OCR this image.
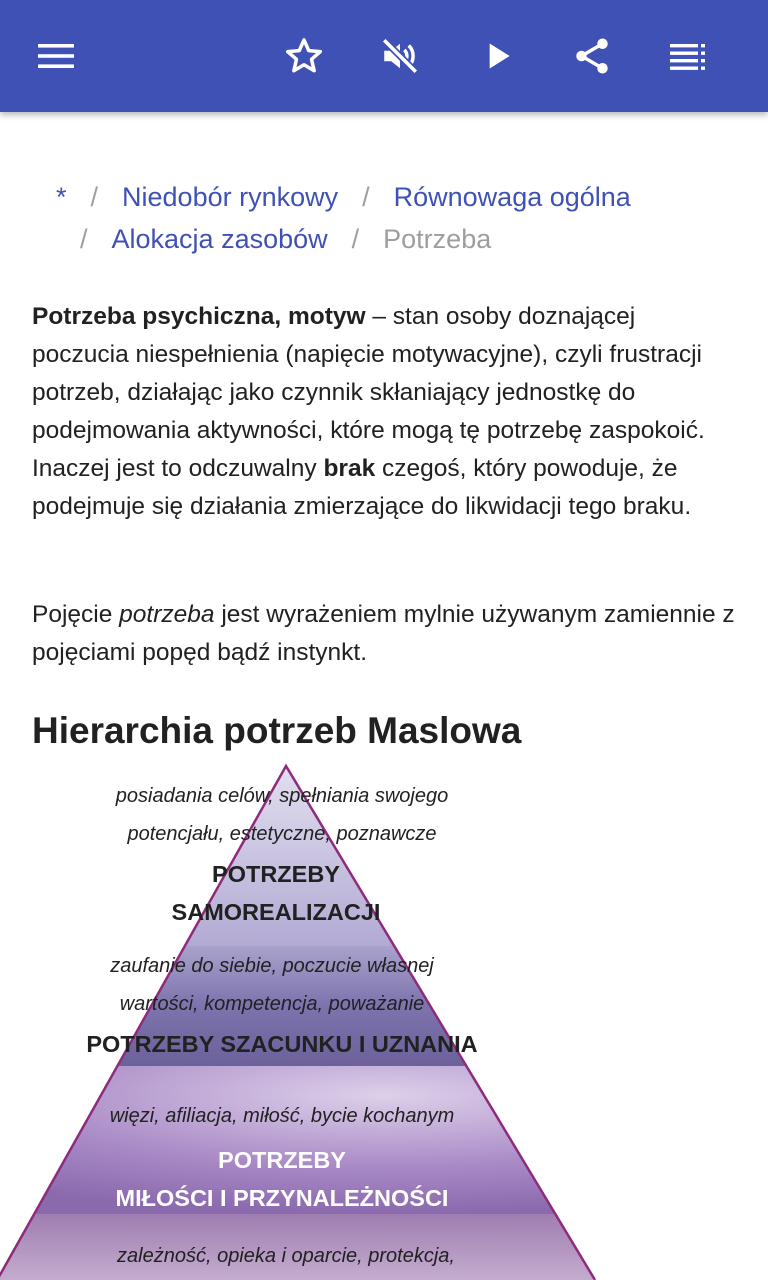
* / Niedobór rynkowy / Równowaga ogólna
/ Alokacja zasobów / Potrzeba

Potrzeba psychiczna, motyw – stan osoby doznającej poczucia niespełnienia (napięcie motywacyjne), czyli frustracji potrzeb, działając jako czynnik skłaniający jednostkę do podejmowania aktywności, które mogą tę potrzebę zaspokoić. Inaczej jest to odczuwalny brak czegoś, który powoduje, że podejmuje się działania zmierzające do likwidacji tego braku.

Pojęcie potrzeba jest wyrażeniem mylnie używanym zamiennie z pojęciami popęd bądź instynkt.

Hierarchia potrzeb Maslowa
posiadania celów, spełniania swojego
potencjału, estetyczne, poznawcze
POTRZEBY
SAMOREALIZACJI
zaufanie do siebie, poczucie własnej
wartości, kompetencja, poważanie
POTRZEBY SZACUNKU I UZNANIA
więzi, afiliacja, miłość, bycie kochanym
POTRZEBY
MIŁOŚCI I PRZYNALEŻNOŚCI
zależność, opieka i oparcie, protekcja,
